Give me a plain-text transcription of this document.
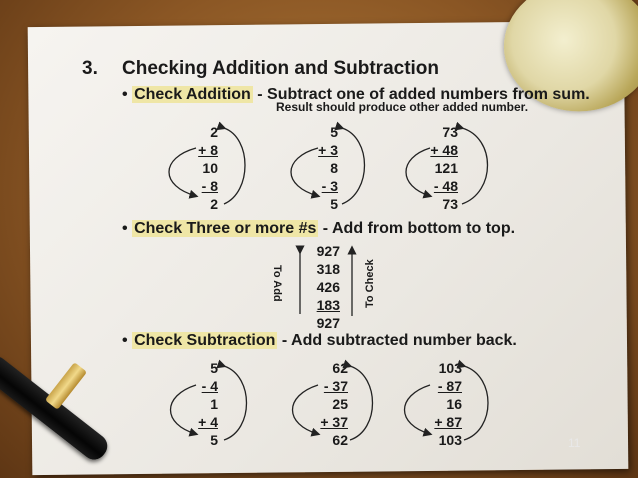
3. Checking Addition and Subtraction
• Check Addition - Subtract one of added numbers from sum.
Result should produce other added number.
2
+ 8
10
- 8
2
5
+ 3
8
- 3
5
73
+ 48
121
- 48
73
• Check Three or more #s - Add from bottom to top.
927
318
426
183
927
To Add	To Check
• Check Subtraction - Add subtracted number back.
5
- 4
1
+ 4
5
62
- 37
25
+ 37
62
103
- 87
16
+ 87
103	11
